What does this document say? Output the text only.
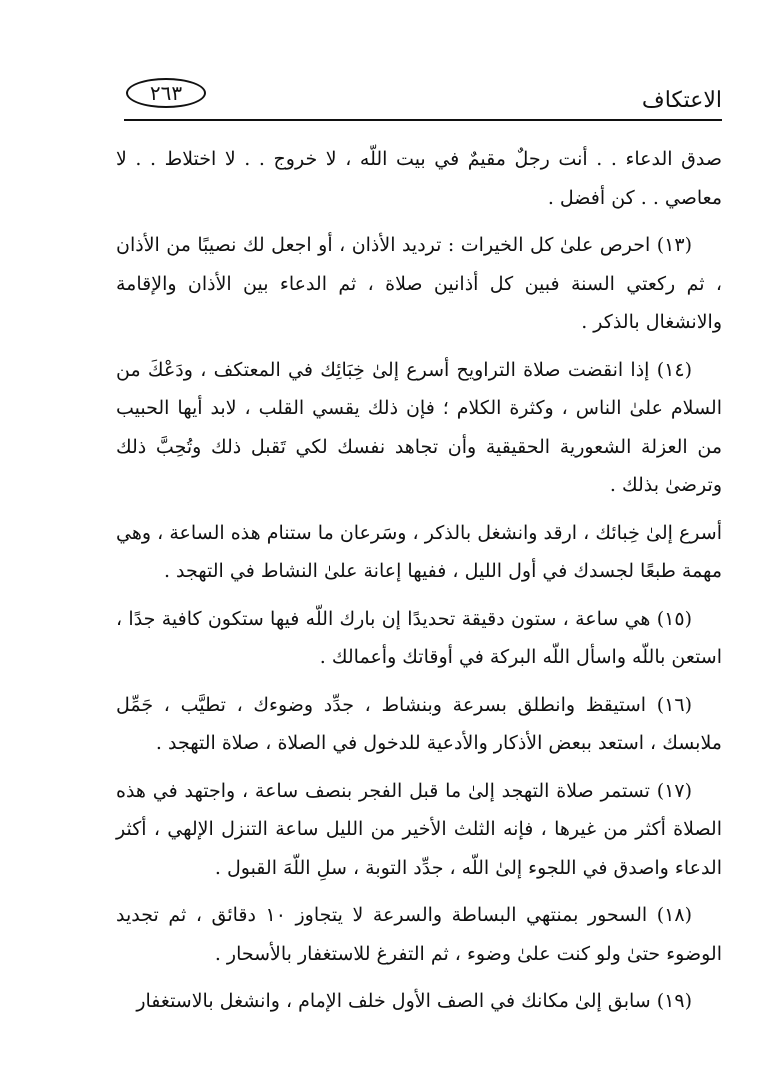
الاعتكاف
٢٦٣

صدق الدعاء . . أنت رجلٌ مقيمٌ في بيت اللّه ، لا خروج . . لا اختلاط . . لا معاصي . . كن أفضل .

(١٣) احرص علىٰ كل الخيرات : ترديد الأذان ، أو اجعل لك نصيبًا من الأذان ، ثم ركعتي السنة فبين كل أذانين صلاة ، ثم الدعاء بين الأذان والإقامة والانشغال بالذكر .

(١٤) إذا انقضت صلاة التراويح أسرع إلىٰ خِبَائِك في المعتكف ، ودَعْكَ من السلام علىٰ الناس ، وكثرة الكلام ؛ فإن ذلك يقسي القلب ، لابد أيها الحبيب من العزلة الشعورية الحقيقية وأن تجاهد نفسك لكي تَقبل ذلك وتُحِبَّ ذلك وترضىٰ بذلك .

أسرع إلىٰ خِبائك ، ارقد وانشغل بالذكر ، وسَرعان ما ستنام هذه الساعة ، وهي مهمة طبعًا لجسدك في أول الليل ، ففيها إعانة علىٰ النشاط في التهجد .

(١٥) هي ساعة ، ستون دقيقة تحديدًا إن بارك اللّه فيها ستكون كافية جدًا ، استعن باللّه واسأل اللّه البركة في أوقاتك وأعمالك .

(١٦) استيقظ وانطلق بسرعة وبنشاط ، جدِّد وضوءك ، تطيَّب ، جَمِّل ملابسك ، استعد ببعض الأذكار والأدعية للدخول في الصلاة ، صلاة التهجد .

(١٧) تستمر صلاة التهجد إلىٰ ما قبل الفجر بنصف ساعة ، واجتهد في هذه الصلاة أكثر من غيرها ، فإنه الثلث الأخير من الليل ساعة التنزل الإلهي ، أكثر الدعاء واصدق في اللجوء إلىٰ اللّه ، جدِّد التوبة ، سلِ اللّهَ القبول .

(١٨) السحور بمنتهي البساطة والسرعة لا يتجاوز ١٠ دقائق ، ثم تجديد الوضوء حتىٰ ولو كنت علىٰ وضوء ، ثم التفرغ للاستغفار بالأسحار .

(١٩) سابق إلىٰ مكانك في الصف الأول خلف الإمام ، وانشغل بالاستغفار
